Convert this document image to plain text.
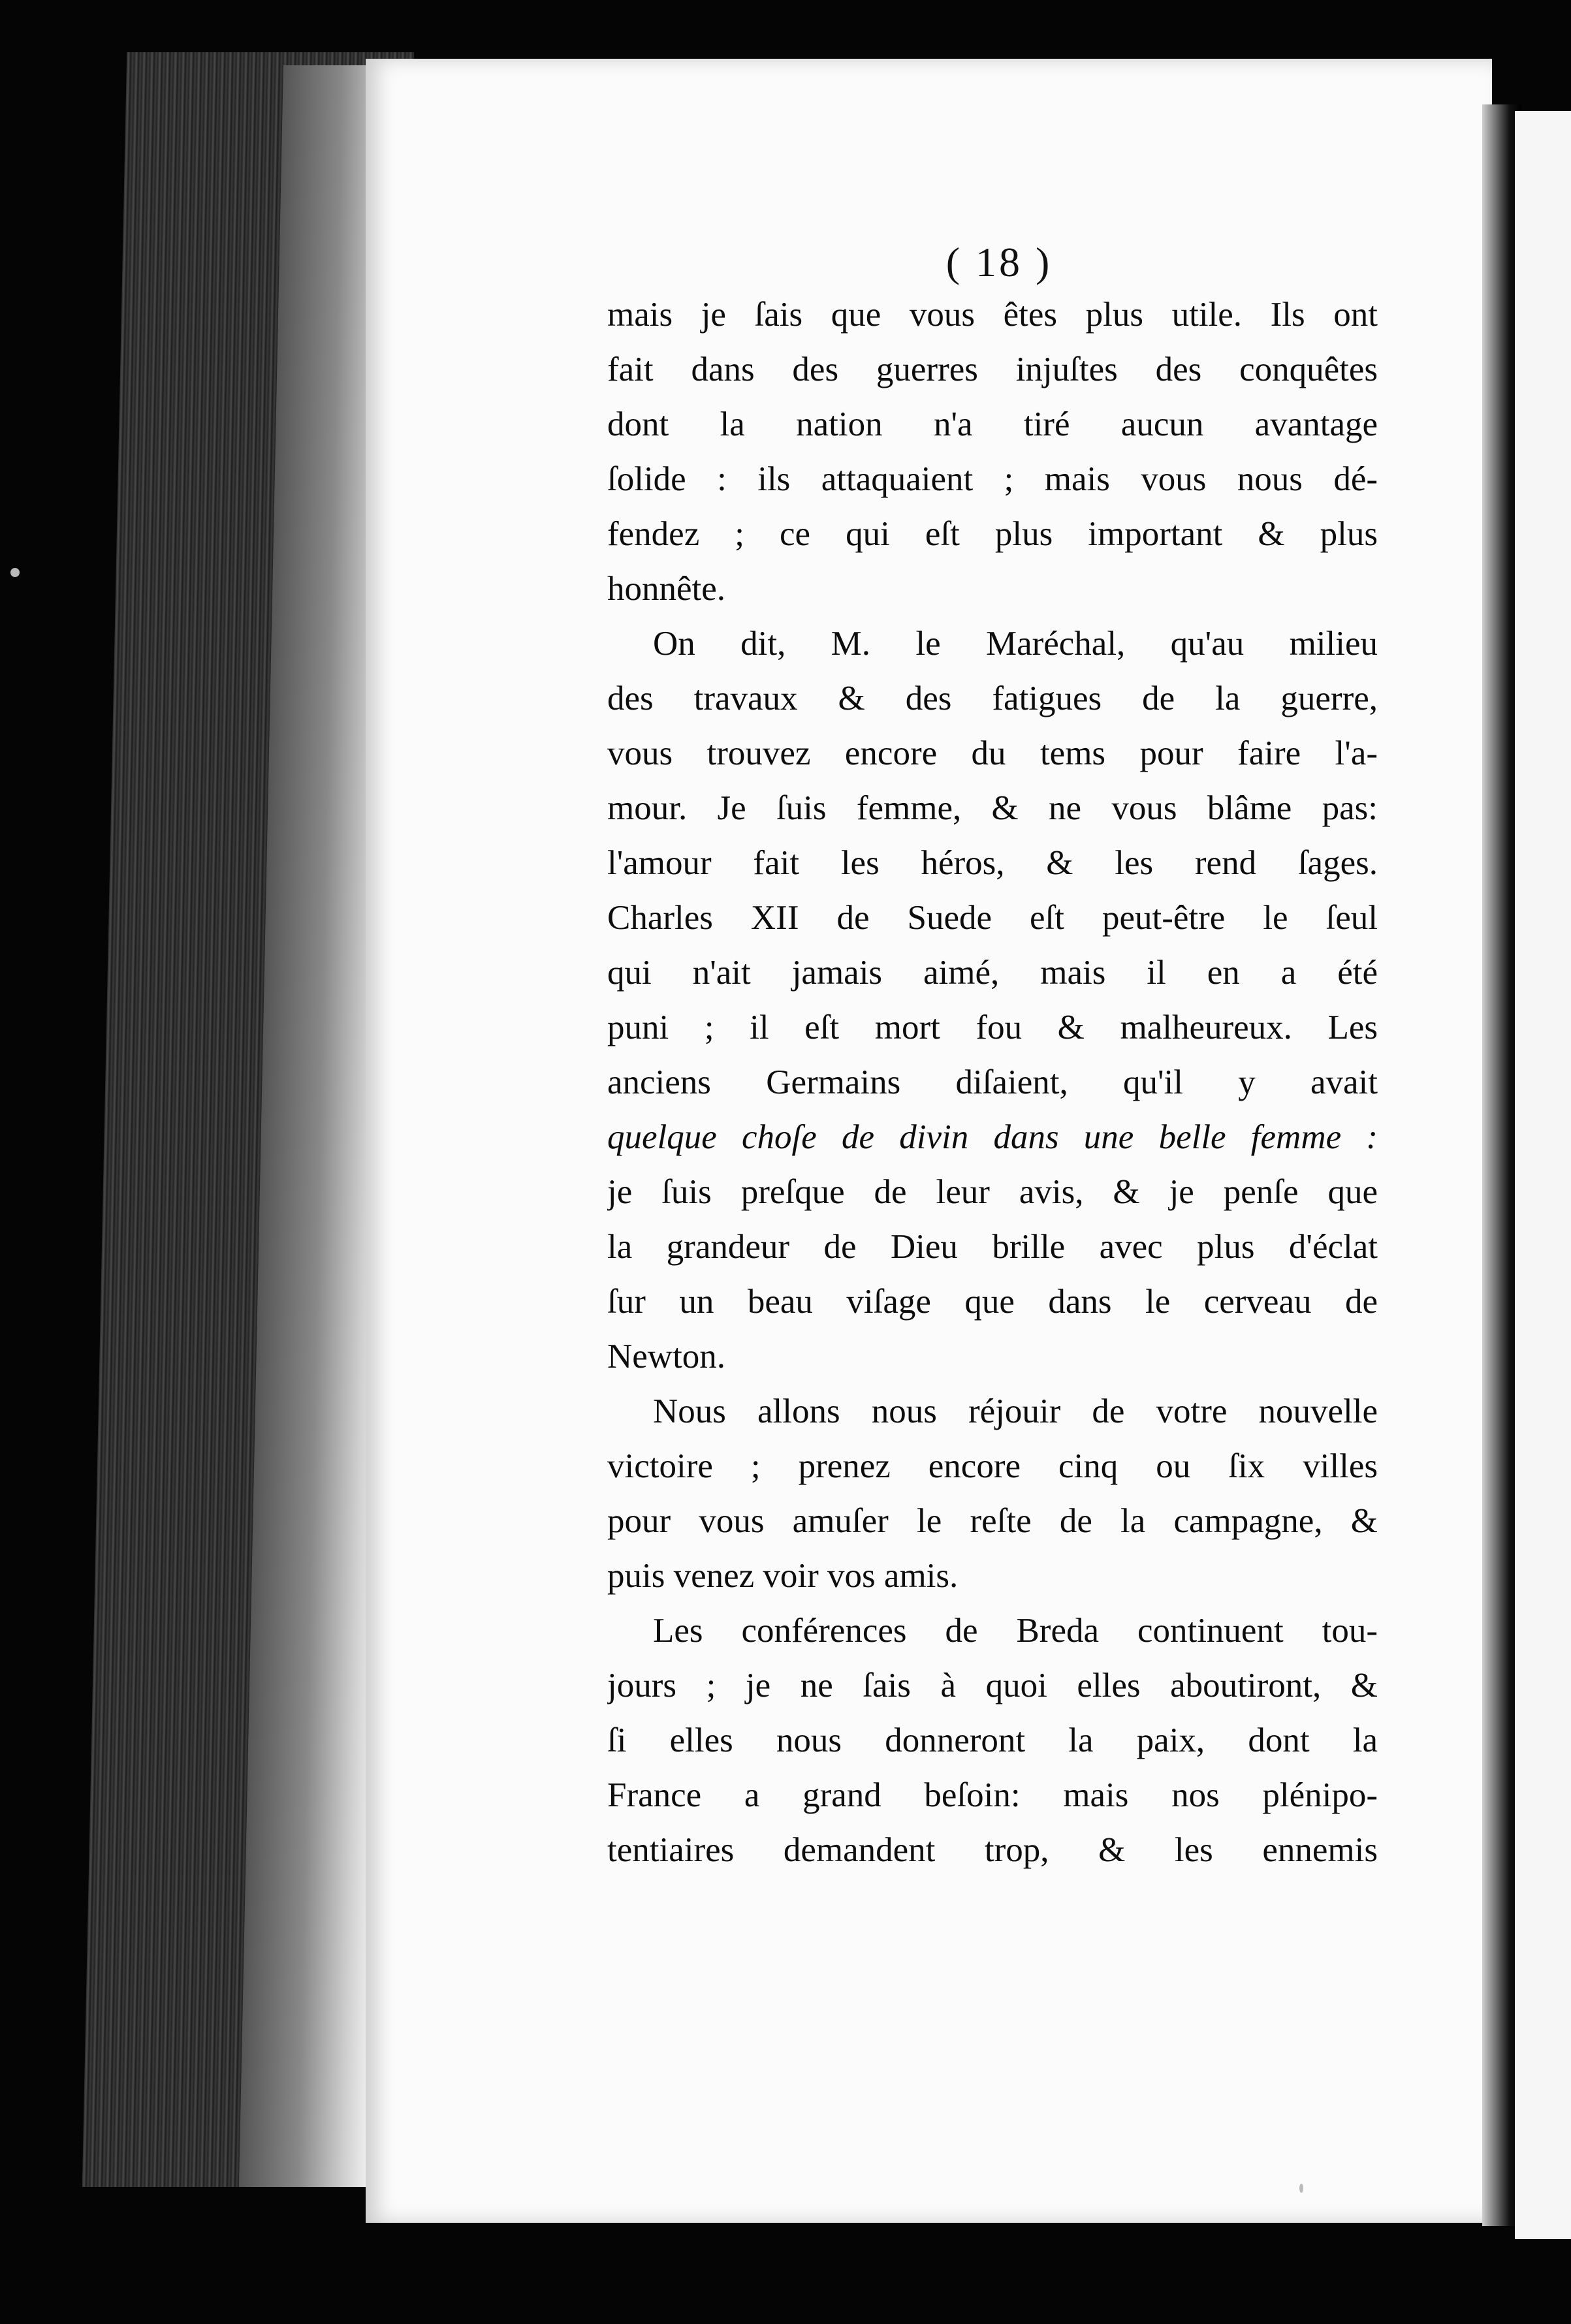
( 18 )
mais je ſais que vous êtes plus utile. Ils ont
fait dans des guerres injuſtes des conquêtes
dont la nation n'a tiré aucun avantage
ſolide : ils attaquaient ; mais vous nous dé-
fendez ; ce qui eſt plus important & plus
honnête.
On dit, M. le Maréchal, qu'au milieu
des travaux & des fatigues de la guerre,
vous trouvez encore du tems pour faire l'a-
mour. Je ſuis femme, & ne vous blâme pas:
l'amour fait les héros, & les rend ſages.
Charles XII de Suede eſt peut-être le ſeul
qui n'ait jamais aimé, mais il en a été
puni ; il eſt mort fou & malheureux. Les
anciens Germains diſaient, qu'il y avait
quelque choſe de divin dans une belle femme :
je ſuis preſque de leur avis, & je penſe que
la grandeur de Dieu brille avec plus d'éclat
ſur un beau viſage que dans le cerveau de
Newton.
Nous allons nous réjouir de votre nouvelle
victoire ; prenez encore cinq ou ſix villes
pour vous amuſer le reſte de la campagne, &
puis venez voir vos amis.
Les conférences de Breda continuent tou-
jours ; je ne ſais à quoi elles aboutiront, &
ſi elles nous donneront la paix, dont la
France a grand beſoin: mais nos plénipo-
tentiaires demandent trop, & les ennemis
